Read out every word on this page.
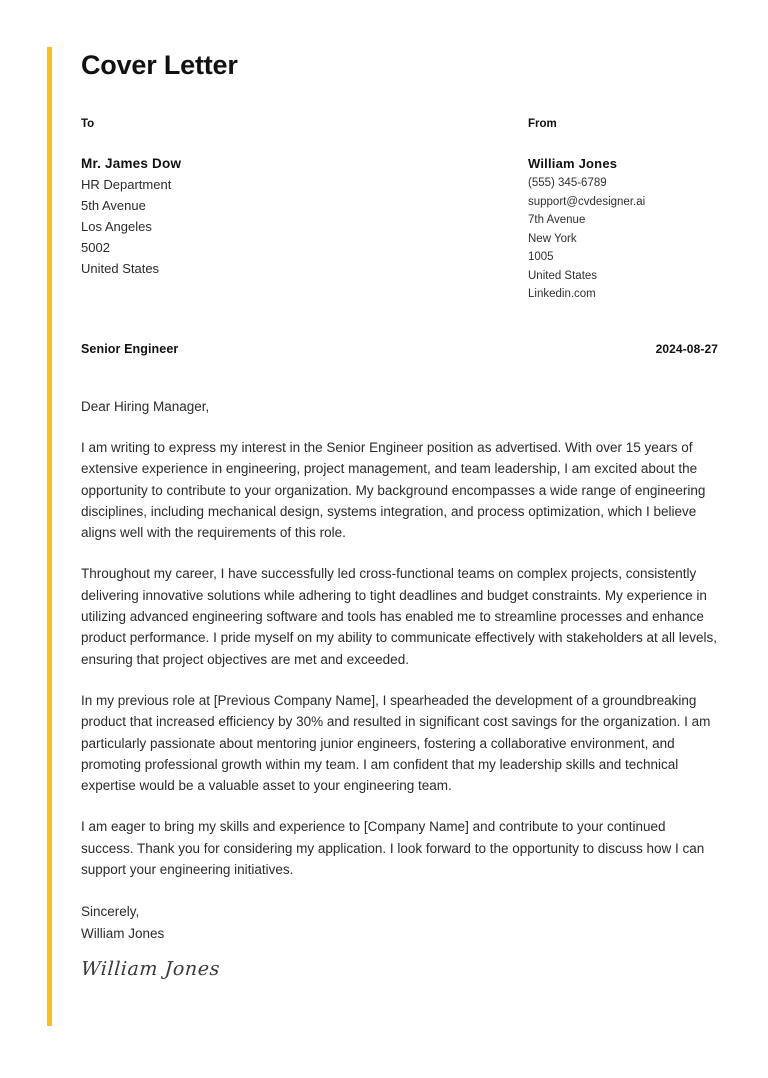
Cover Letter
To
Mr. James Dow
HR Department
5th Avenue
Los Angeles
5002
United States
From
William Jones
(555) 345-6789
support@cvdesigner.ai
7th Avenue
New York
1005
United States
Linkedin.com
Senior Engineer	2024-08-27
Dear Hiring Manager,

I am writing to express my interest in the Senior Engineer position as advertised. With over 15 years of extensive experience in engineering, project management, and team leadership, I am excited about the opportunity to contribute to your organization. My background encompasses a wide range of engineering disciplines, including mechanical design, systems integration, and process optimization, which I believe aligns well with the requirements of this role.

Throughout my career, I have successfully led cross-functional teams on complex projects, consistently delivering innovative solutions while adhering to tight deadlines and budget constraints. My experience in utilizing advanced engineering software and tools has enabled me to streamline processes and enhance product performance. I pride myself on my ability to communicate effectively with stakeholders at all levels, ensuring that project objectives are met and exceeded.

In my previous role at [Previous Company Name], I spearheaded the development of a groundbreaking product that increased efficiency by 30% and resulted in significant cost savings for the organization. I am particularly passionate about mentoring junior engineers, fostering a collaborative environment, and promoting professional growth within my team. I am confident that my leadership skills and technical expertise would be a valuable asset to your engineering team.

I am eager to bring my skills and experience to [Company Name] and contribute to your continued success. Thank you for considering my application. I look forward to the opportunity to discuss how I can support your engineering initiatives.

Sincerely,
William Jones
William Jones
